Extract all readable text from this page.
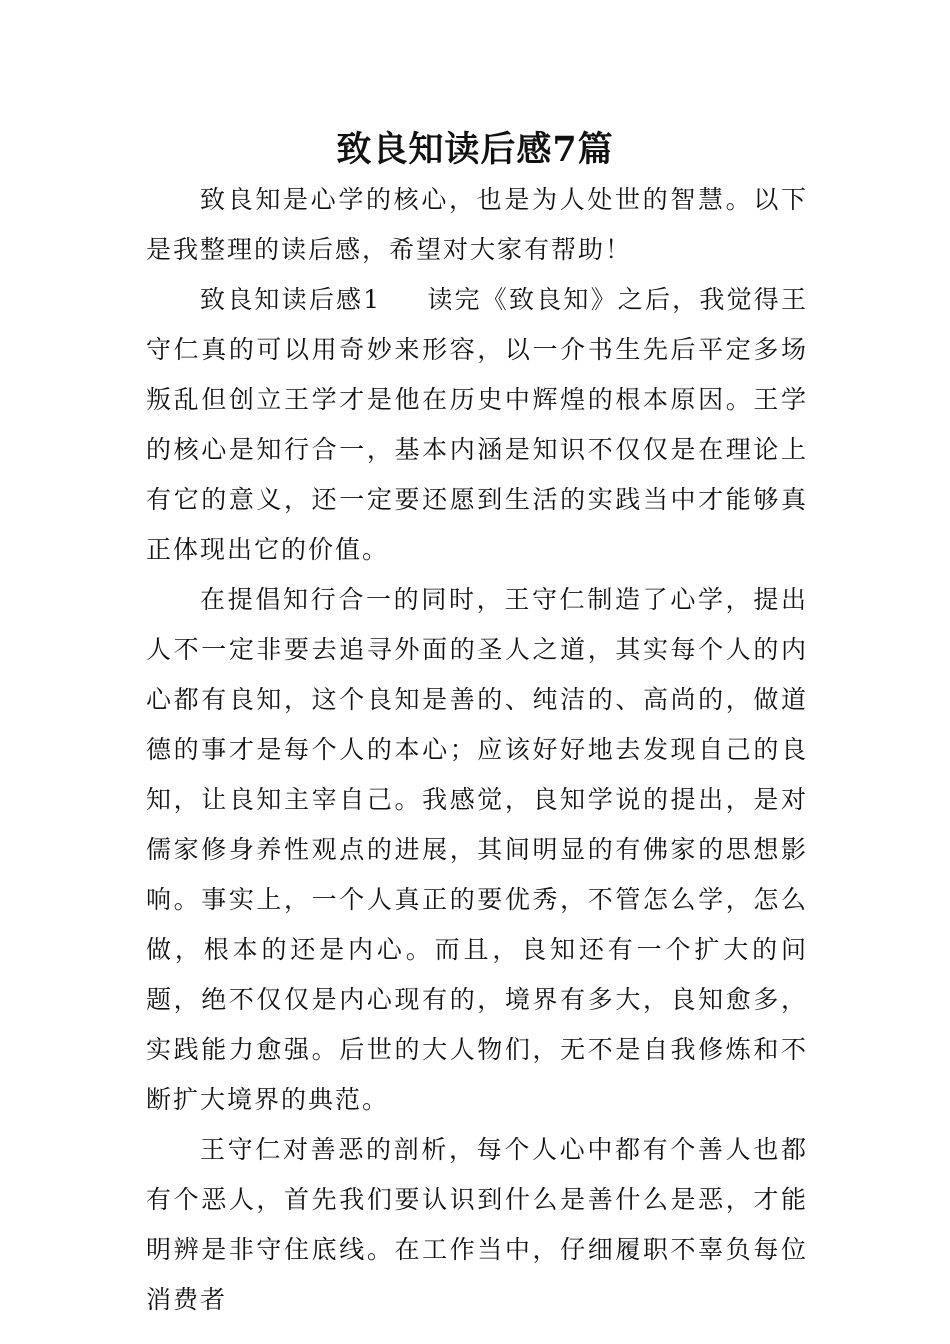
致良知读后感7篇

致良知是心学的核心，也是为人处世的智慧。以下是我整理的读后感，希望对大家有帮助！

致良知读后感1 读完《致良知》之后，我觉得王守仁真的可以用奇妙来形容，以一介书生先后平定多场叛乱但创立王学才是他在历史中辉煌的根本原因。王学的核心是知行合一，基本内涵是知识不仅仅是在理论上有它的意义，还一定要还愿到生活的实践当中才能够真正体现出它的价值。

在提倡知行合一的同时，王守仁制造了心学，提出人不一定非要去追寻外面的圣人之道，其实每个人的内心都有良知，这个良知是善的、纯洁的、高尚的，做道德的事才是每个人的本心；应该好好地去发现自己的良知，让良知主宰自己。我感觉，良知学说的提出，是对儒家修身养性观点的进展，其间明显的有佛家的思想影响。事实上，一个人真正的要优秀，不管怎么学，怎么做，根本的还是内心。而且，良知还有一个扩大的问题，绝不仅仅是内心现有的，境界有多大，良知愈多，实践能力愈强。后世的大人物们，无不是自我修炼和不断扩大境界的典范。

王守仁对善恶的剖析，每个人心中都有个善人也都有个恶人，首先我们要认识到什么是善什么是恶，才能明辨是非守住底线。在工作当中，仔细履职不辜负每位消费者
